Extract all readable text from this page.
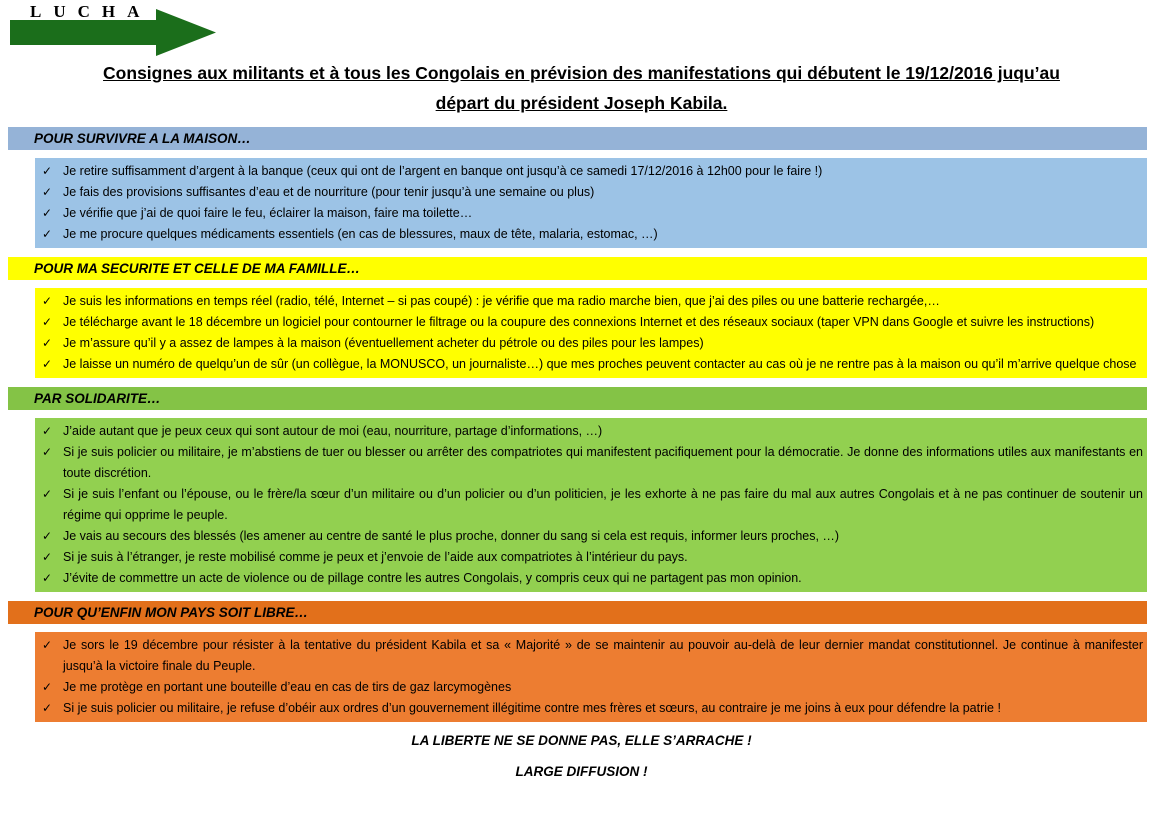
LUCHA
Consignes aux militants et à tous les Congolais en prévision des manifestations qui débutent le 19/12/2016 juqu’au
départ du président Joseph Kabila.
POUR SURVIVRE A LA MAISON…
✓ Je retire suffisamment d’argent à la banque (ceux qui ont de l’argent en banque ont jusqu’à ce samedi 17/12/2016 à 12h00 pour le faire !)
✓ Je fais des provisions suffisantes d’eau et de nourriture (pour tenir jusqu’à une semaine ou plus)
✓ Je vérifie que j’ai de quoi faire le feu, éclairer la maison, faire ma toilette…
✓ Je me procure quelques médicaments essentiels (en cas de blessures, maux de tête, malaria, estomac, …)
POUR MA SECURITE ET CELLE DE MA FAMILLE…
✓ Je suis les informations en temps réel (radio, télé, Internet – si pas coupé) : je vérifie que ma radio marche bien, que j’ai des piles ou une batterie rechargée,…
✓ Je télécharge avant le 18 décembre un logiciel pour contourner le filtrage ou la coupure des connexions Internet et des réseaux sociaux (taper VPN dans Google et suivre les instructions)
✓ Je m’assure qu’il y a assez de lampes à la maison (éventuellement acheter du pétrole ou des piles pour les lampes)
✓ Je laisse un numéro de quelqu’un de sûr (un collègue, la MONUSCO, un journaliste…) que mes proches peuvent contacter au cas où je ne rentre pas à la maison ou qu’il m’arrive quelque chose
PAR SOLIDARITE…
✓ J’aide autant que je peux ceux qui sont autour de moi (eau, nourriture, partage d’informations, …)
✓ Si je suis policier ou militaire, je m’abstiens de tuer ou blesser ou arrêter des compatriotes qui manifestent pacifiquement pour la démocratie. Je donne des informations utiles aux manifestants en toute discrétion.
✓ Si je suis l’enfant ou l’épouse, ou le frère/la sœur d’un militaire ou d’un policier ou d’un politicien, je les exhorte à ne pas faire du mal aux autres Congolais et à ne pas continuer de soutenir un régime qui opprime le peuple.
✓ Je vais au secours des blessés (les amener au centre de santé le plus proche, donner du sang si cela est requis, informer leurs proches, …)
✓ Si je suis à l’étranger, je reste mobilisé comme je peux et j’envoie de l’aide aux compatriotes à l’intérieur du pays.
✓ J’évite de commettre un acte de violence ou de pillage contre les autres Congolais, y compris ceux qui ne partagent pas mon opinion.
POUR QU’ENFIN MON PAYS SOIT LIBRE…
✓ Je sors le 19 décembre pour résister à la tentative du président Kabila et sa « Majorité » de se maintenir au pouvoir au-delà de leur dernier mandat constitutionnel. Je continue à manifester jusqu’à la victoire finale du Peuple.
✓ Je me protège en portant une bouteille d’eau en cas de tirs de gaz larcymogènes
✓ Si je suis policier ou militaire, je refuse d’obéir aux ordres d’un gouvernement illégitime contre mes frères et sœurs, au contraire je me joins à eux pour défendre la patrie !
LA LIBERTE NE SE DONNE PAS, ELLE S’ARRACHE !
LARGE DIFFUSION !
